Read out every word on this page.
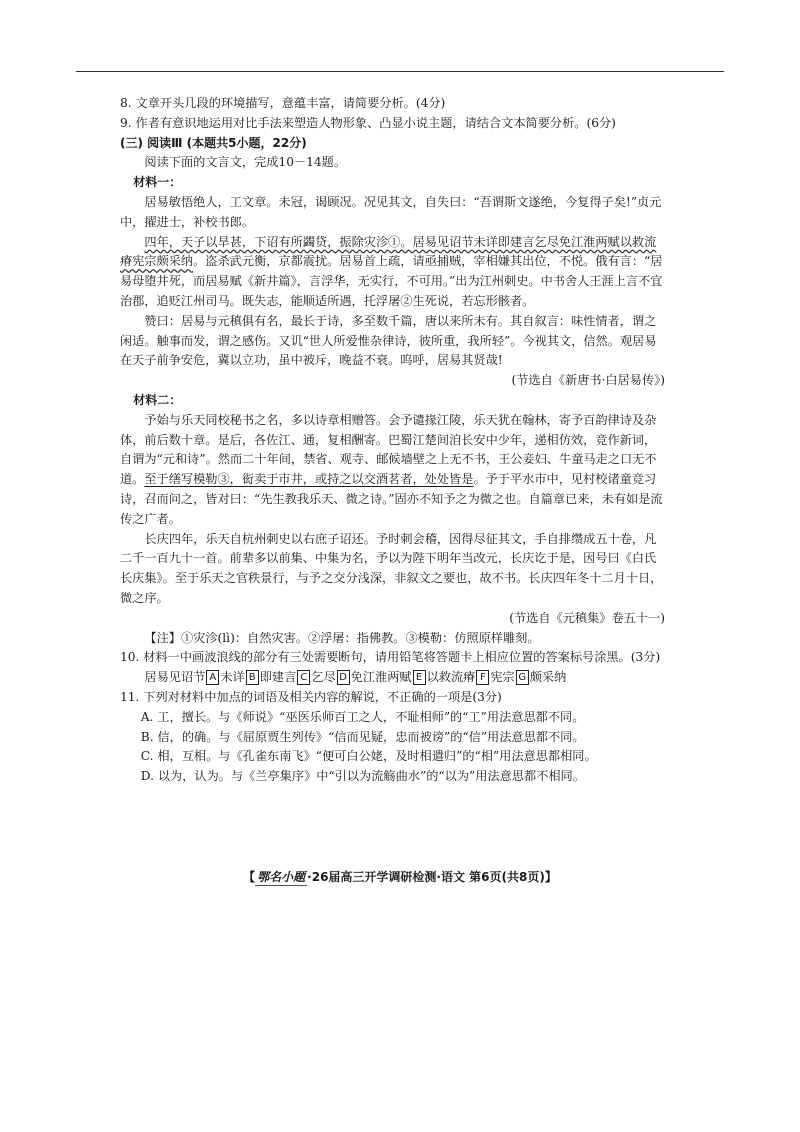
8. 文章开头几段的环境描写，意蕴丰富，请简要分析。(4分)

9. 作者有意识地运用对比手法来塑造人物形象、凸显小说主题，请结合文本简要分析。(6分)

(三) 阅读Ⅲ (本题共5小题，22分)

阅读下面的文言文，完成10－14题。

材料一：

居易敏悟绝人，工文章。未冠，谒顾况。况见其文，自失曰：“吾谓斯文遂绝，今复得子矣!”贞元中，擢进士，补校书郎。

四年，天子以旱甚，下诏有所蠲贷，振除灾沴①。居易见诏节未详即建言乞尽免江淮两赋以救流瘠宪宗颇采纳。盗杀武元衡，京都震扰。居易首上疏，请亟捕贼，宰相嫌其出位，不悦。俄有言：“居易母堕井死，而居易赋《新井篇》，言浮华，无实行，不可用。”出为江州刺史。中书舍人王涯上言不宜治郡，追贬江州司马。既失志，能顺适所遇，托浮屠②生死说，若忘形骸者。

赞曰：居易与元稹俱有名，最长于诗，多至数千篇，唐以来所未有。其自叙言：味性情者，谓之闲适。触事而发，谓之感伤。又讥“世人所爱惟杂律诗，彼所重，我所轻”。今视其文，信然。观居易在天子前争安危，冀以立功，虽中被斥，晚益不衰。呜呼，居易其贤哉!

(节选自《新唐书·白居易传》)

材料二：

予始与乐天同校秘书之名，多以诗章相赠答。会予谴掾江陵，乐天犹在翰林，寄予百韵律诗及杂体，前后数十章。是后，各佐江、通，复相酬寄。巴蜀江楚间洎长安中少年，递相仿效，竞作新词，自谓为“元和诗”。然而二十年间，禁省、观寺、邮候墙壁之上无不书，王公妾妇、牛童马走之口无不道。至于缮写模勒③，衒卖于市井，或持之以交酒茗者，处处皆是。予于平水市中，见村校诸童竞习诗，召而问之，皆对曰：“先生教我乐天、微之诗。”固亦不知予之为微之也。自篇章已来，未有如是流传之广者。

长庆四年，乐天自杭州刺史以右庶子诏还。予时刺会稽，因得尽征其文，手自排缵成五十卷，凡二千一百九十一首。前辈多以前集、中集为名，予以为陛下明年当改元，长庆讫于是，因号曰《白氏长庆集》。至于乐天之官秩景行，与予之交分浅深，非叙文之要也，故不书。长庆四年冬十二月十日，微之序。

(节选自《元稹集》卷五十一)

【注】①灾沴(lì)：自然灾害。②浮屠：指佛教。③模勒：仿照原样雕刻。

10. 材料一中画波浪线的部分有三处需要断句，请用铅笔将答题卡上相应位置的答案标号涂黑。(3分)

居易见诏节 A 未详 B 即建言 C 乞尽 D 免江淮两赋 E 以救流瘠 F 宪宗 G 颇采纳

11. 下列对材料中加点的词语及相关内容的解说，不正确的一项是(3分)

A. 工，擅长。与《师说》“巫医乐师百工之人，不耻相师”的“工”用法意思都不同。

B. 信，的确。与《屈原贾生列传》“信而见疑，忠而被谤”的“信”用法意思都不同。

C. 相，互相。与《孔雀东南飞》“便可白公姥，及时相遣归”的“相”用法意思都相同。

D. 以为，认为。与《兰亭集序》中“引以为流觞曲水”的“以为”用法意思都不相同。

【 鄂名小题 ·26届高三开学调研检测·语文 第6页(共8页)】
